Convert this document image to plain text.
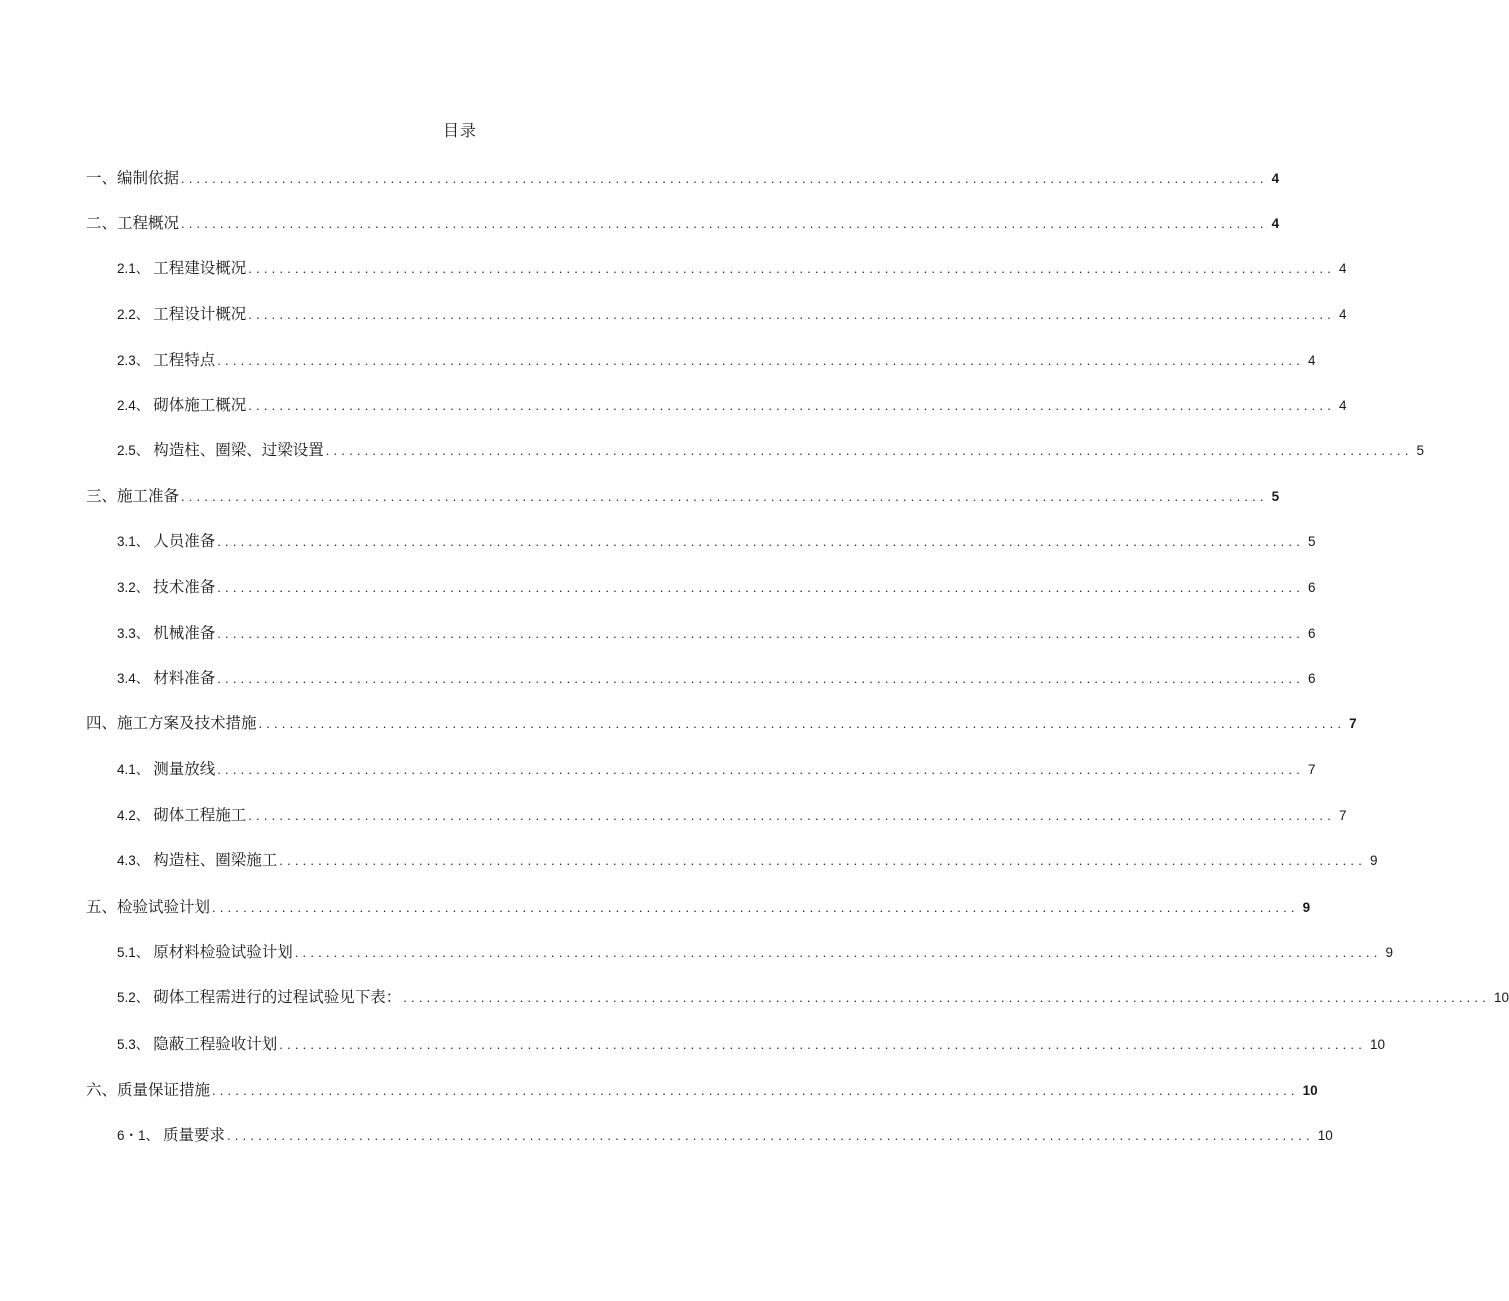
目录
一、编制依据 ............................................................................................................................................ 4
二、工程概况 ............................................................................................................................................ 4
2.1、 工程建设概况 ............................................................................................................................................ 4
2.2、 工程设计概况 ............................................................................................................................................ 4
2.3、 工程特点 ............................................................................................................................................ 4
2.4、 砌体施工概况 ............................................................................................................................................ 4
2.5、 构造柱、圈梁、过梁设置 ............................................................................................................................................ 5
三、施工准备 ............................................................................................................................................ 5
3.1、 人员准备 ............................................................................................................................................ 5
3.2、 技术准备 ............................................................................................................................................ 6
3.3、 机械准备 ............................................................................................................................................ 6
3.4、 材料准备 ............................................................................................................................................ 6
四、施工方案及技术措施 ............................................................................................................................................ 7
4.1、 测量放线 ............................................................................................................................................ 7
4.2、 砌体工程施工 ............................................................................................................................................ 7
4.3、 构造柱、圈梁施工 ............................................................................................................................................ 9
五、检验试验计划 ............................................................................................................................................ 9
5.1、 原材料检验试验计划 ............................................................................................................................................ 9
5.2、 砌体工程需进行的过程试验见下表： ............................................................................................................................................ 10
5.3、 隐蔽工程验收计划 ............................................................................................................................................ 10
六、质量保证措施 ............................................................................................................................................ 10
6・1、 质量要求 ............................................................................................................................................ 10
